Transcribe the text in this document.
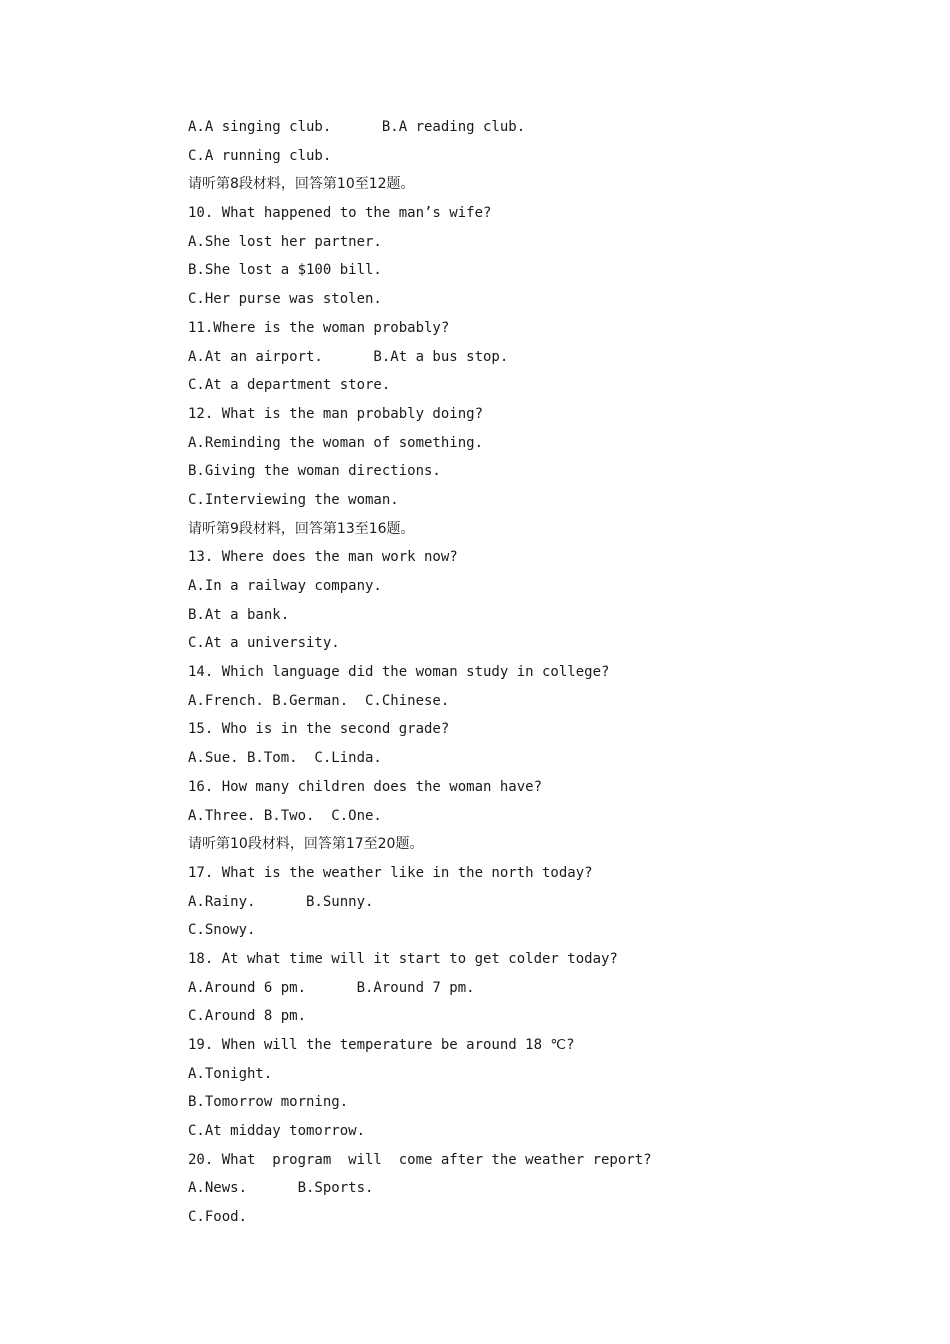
A.A singing club.      B.A reading club.
C.A running club.
请听第8段材料，回答第10至12题。
10. What happened to the man’s wife?
A.She lost her partner.
B.She lost a $100 bill.
C.Her purse was stolen.
11.Where is the woman probably?
A.At an airport.      B.At a bus stop.
C.At a department store.
12. What is the man probably doing?
A.Reminding the woman of something.
B.Giving the woman directions.
C.Interviewing the woman.
请听第9段材料，回答第13至16题。
13. Where does the man work now?
A.In a railway company.
B.At a bank.
C.At a university.
14. Which language did the woman study in college?
A.French. B.German.  C.Chinese.
15. Who is in the second grade?
A.Sue. B.Tom.  C.Linda.
16. How many children does the woman have?
A.Three. B.Two.  C.One.
请听第10段材料，回答第17至20题。
17. What is the weather like in the north today?
A.Rainy.      B.Sunny.
C.Snowy.
18. At what time will it start to get colder today?
A.Around 6 pm.      B.Around 7 pm.
C.Around 8 pm.
19. When will the temperature be around 18 ℃?
A.Tonight.
B.Tomorrow morning.
C.At midday tomorrow.
20. What  program  will  come after the weather report?
A.News.      B.Sports.
C.Food.
